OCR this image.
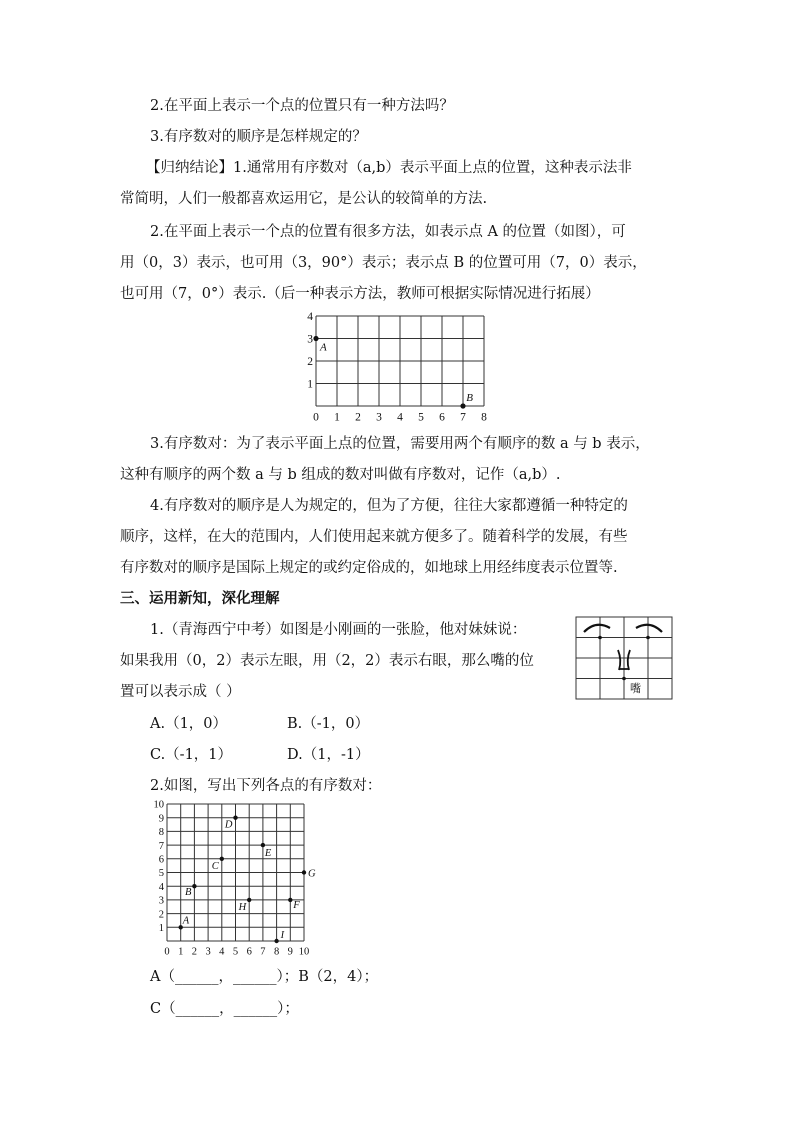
2.在平面上表示一个点的位置只有一种方法吗？
3.有序数对的顺序是怎样规定的？
【归纳结论】1.通常用有序数对（a,b）表示平面上点的位置，这种表示法非
常简明，人们一般都喜欢运用它，是公认的较简单的方法.
2.在平面上表示一个点的位置有很多方法，如表示点 A 的位置（如图），可
用（0，3）表示，也可用（3，90°）表示；表示点 B 的位置可用（7，0）表示，
也可用（7，0°）表示.（后一种表示方法，教师可根据实际情况进行拓展）
0 1 2 3 4 5 6 7 8
1
2
3
4
A
B
3.有序数对：为了表示平面上点的位置，需要用两个有顺序的数 a 与 b 表示，
这种有顺序的两个数 a 与 b 组成的数对叫做有序数对，记作（a,b）.
4.有序数对的顺序是人为规定的，但为了方便，往往大家都遵循一种特定的
顺序，这样，在大的范围内，人们使用起来就方便多了。随着科学的发展，有些
有序数对的顺序是国际上规定的或约定俗成的，如地球上用经纬度表示位置等.
三、运用新知，深化理解
1.（青海西宁中考）如图是小刚画的一张脸，他对妹妹说：
如果我用（0，2）表示左眼，用（2，2）表示右眼，那么嘴的位
置可以表示成（ ）	嘴
A.（1，0）	B.（-1，0）
C.（-1，1）	D.（1，-1）
2.如图，写出下列各点的有序数对：
0 1 2 3 4 5 6 7 8 9 10
1
2
3
4
5
6
7
8
9
10
A
B
C
D
E
F
G
H
I
A（______，______）；B（2，4）；
C（______，______）；
